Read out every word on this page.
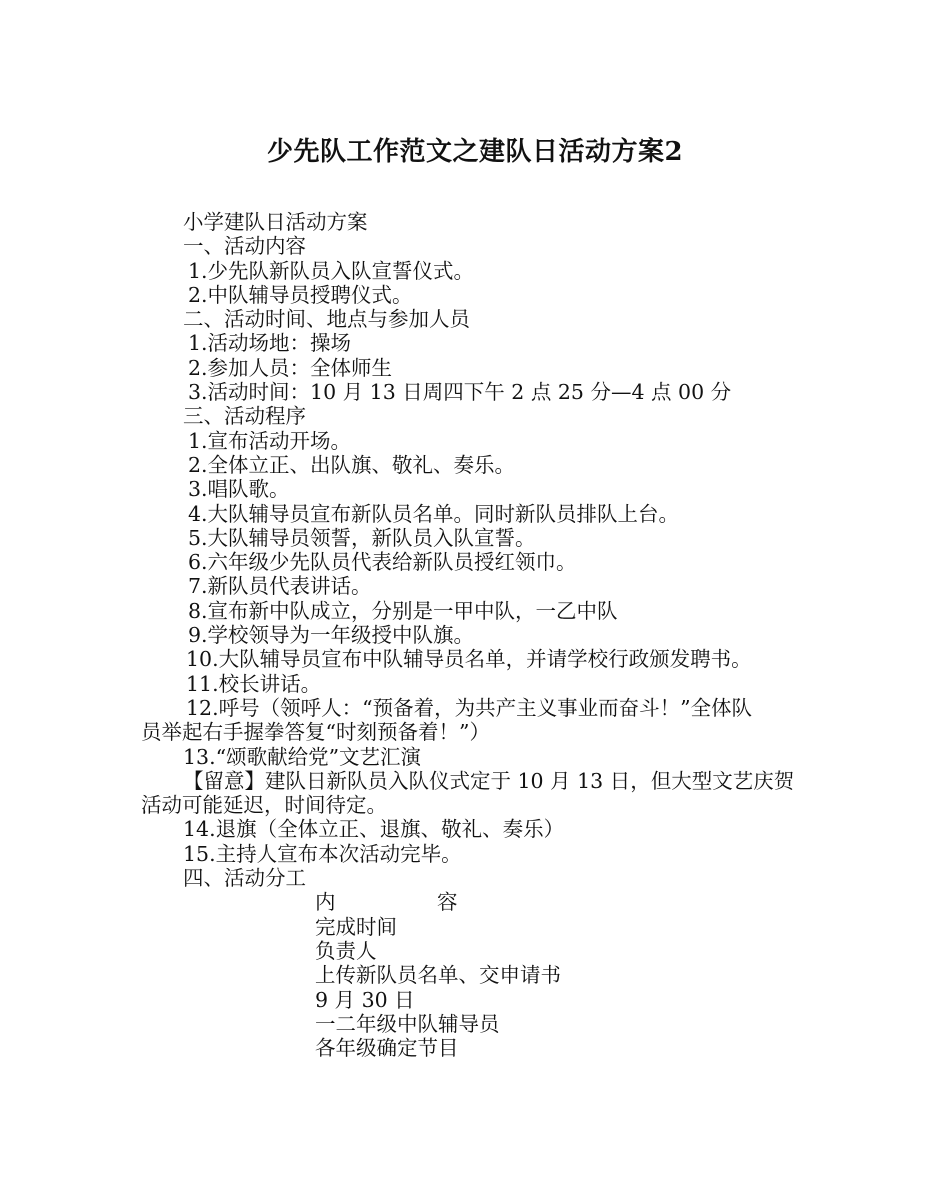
少先队工作范文之建队日活动方案2
小学建队日活动方案
一、活动内容
1.少先队新队员入队宣誓仪式。
2.中队辅导员授聘仪式。
二、活动时间、地点与参加人员
1.活动场地：操场
2.参加人员：全体师生
3.活动时间：10 月 13 日周四下午 2 点 25 分—4 点 00 分
三、活动程序
1.宣布活动开场。
2.全体立正、出队旗、敬礼、奏乐。
3.唱队歌。
4.大队辅导员宣布新队员名单。同时新队员排队上台。
5.大队辅导员领誓，新队员入队宣誓。
6.六年级少先队员代表给新队员授红领巾。
7.新队员代表讲话。
8.宣布新中队成立，分别是一甲中队，一乙中队
9.学校领导为一年级授中队旗。
10.大队辅导员宣布中队辅导员名单，并请学校行政颁发聘书。
11.校长讲话。
12.呼号（领呼人：“预备着，为共产主义事业而奋斗！”全体队
员举起右手握拳答复“时刻预备着！”）
13.“颂歌献给党”文艺汇演
【留意】建队日新队员入队仪式定于 10 月 13 日，但大型文艺庆贺
活动可能延迟，时间待定。
14.退旗（全体立正、退旗、敬礼、奏乐）
15.主持人宣布本次活动完毕。
四、活动分工
内	容
完成时间
负责人
上传新队员名单、交申请书
9 月 30 日
一二年级中队辅导员
各年级确定节目
